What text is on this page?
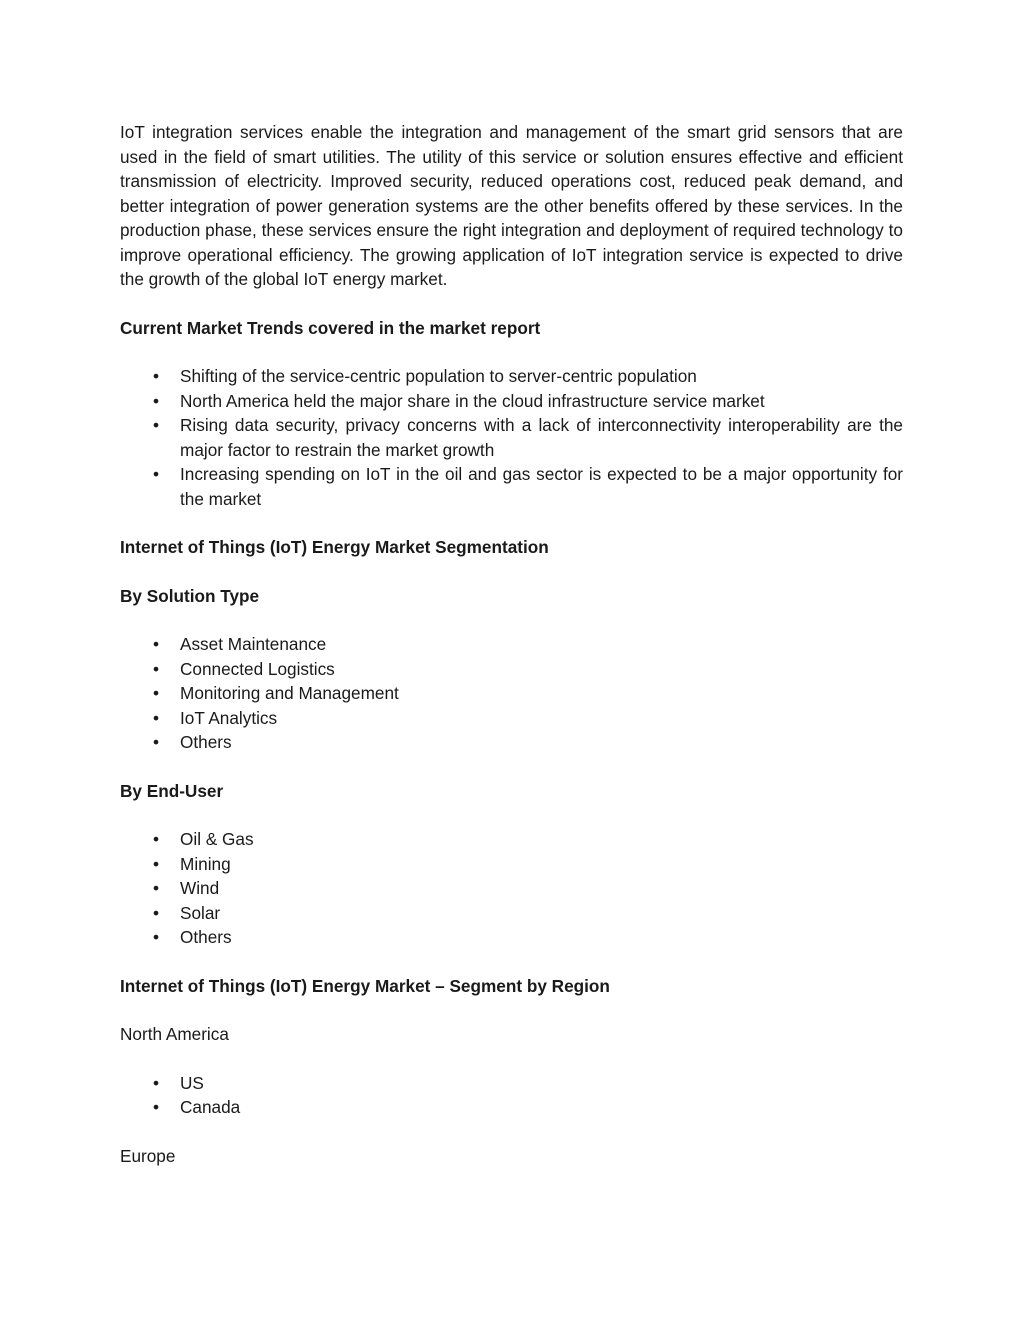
IoT integration services enable the integration and management of the smart grid sensors that are used in the field of smart utilities. The utility of this service or solution ensures effective and efficient transmission of electricity. Improved security, reduced operations cost, reduced peak demand, and better integration of power generation systems are the other benefits offered by these services. In the production phase, these services ensure the right integration and deployment of required technology to improve operational efficiency. The growing application of IoT integration service is expected to drive the growth of the global IoT energy market.

Current Market Trends covered in the market report

• Shifting of the service-centric population to server-centric population
• North America held the major share in the cloud infrastructure service market
• Rising data security, privacy concerns with a lack of interconnectivity interoperability are the major factor to restrain the market growth
• Increasing spending on IoT in the oil and gas sector is expected to be a major opportunity for the market

Internet of Things (IoT) Energy Market Segmentation

By Solution Type

• Asset Maintenance
• Connected Logistics
• Monitoring and Management
• IoT Analytics
• Others

By End-User

• Oil & Gas
• Mining
• Wind
• Solar
• Others

Internet of Things (IoT) Energy Market – Segment by Region

North America

• US
• Canada

Europe
